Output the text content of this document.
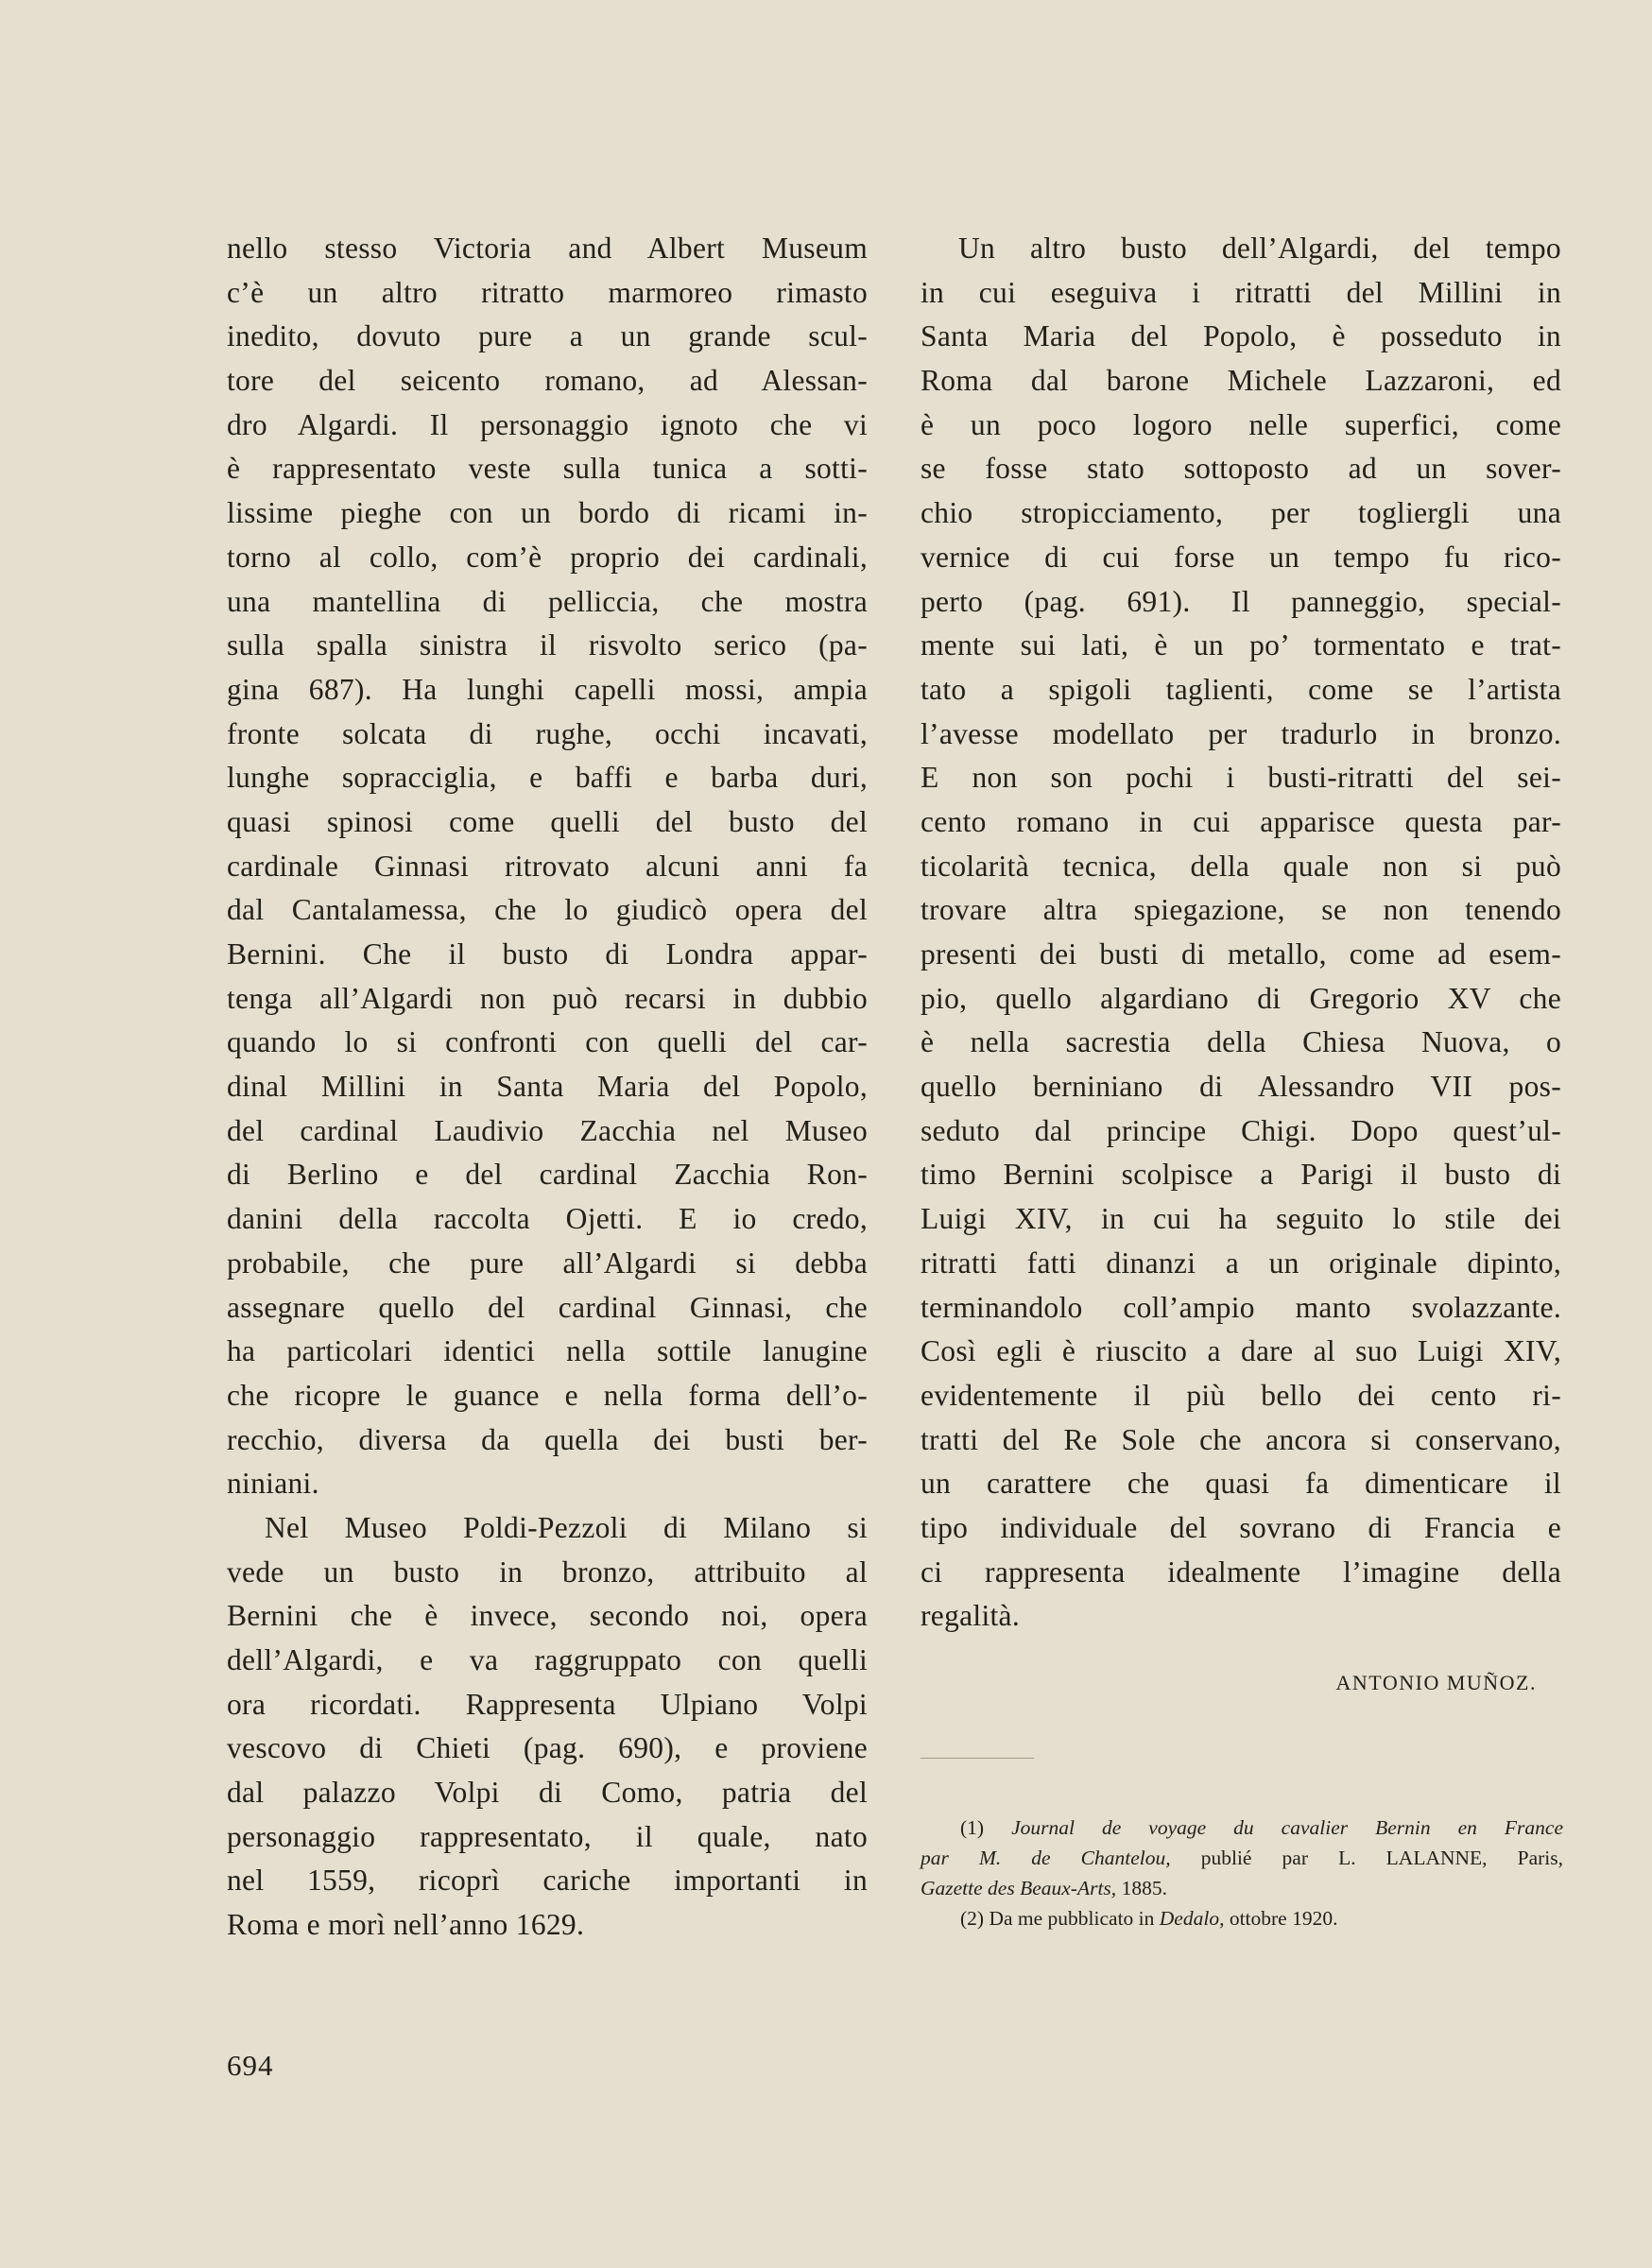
nello stesso Victoria and Albert Museum
c’è un altro ritratto marmoreo rimasto
inedito, dovuto pure a un grande scul-
tore del seicento romano, ad Alessan-
dro Algardi. Il personaggio ignoto che vi
è rappresentato veste sulla tunica a sotti-
lissime pieghe con un bordo di ricami in-
torno al collo, com’è proprio dei cardinali,
una mantellina di pelliccia, che mostra
sulla spalla sinistra il risvolto serico (pa-
gina 687). Ha lunghi capelli mossi, ampia
fronte solcata di rughe, occhi incavati,
lunghe sopracciglia, e baffi e barba duri,
quasi spinosi come quelli del busto del
cardinale Ginnasi ritrovato alcuni anni fa
dal Cantalamessa, che lo giudicò opera del
Bernini. Che il busto di Londra appar-
tenga all’Algardi non può recarsi in dubbio
quando lo si confronti con quelli del car-
dinal Millini in Santa Maria del Popolo,
del cardinal Laudivio Zacchia nel Museo
di Berlino e del cardinal Zacchia Ron-
danini della raccolta Ojetti. E io credo,
probabile, che pure all’Algardi si debba
assegnare quello del cardinal Ginnasi, che
ha particolari identici nella sottile lanugine
che ricopre le guance e nella forma dell’o-
recchio, diversa da quella dei busti ber-
niniani.
Nel Museo Poldi-Pezzoli di Milano si
vede un busto in bronzo, attribuito al
Bernini che è invece, secondo noi, opera
dell’Algardi, e va raggruppato con quelli
ora ricordati. Rappresenta Ulpiano Volpi
vescovo di Chieti (pag. 690), e proviene
dal palazzo Volpi di Como, patria del
personaggio rappresentato, il quale, nato
nel 1559, ricoprì cariche importanti in
Roma e morì nell’anno 1629.
Un altro busto dell’Algardi, del tempo
in cui eseguiva i ritratti del Millini in
Santa Maria del Popolo, è posseduto in
Roma dal barone Michele Lazzaroni, ed
è un poco logoro nelle superfici, come
se fosse stato sottoposto ad un sover-
chio stropicciamento, per togliergli una
vernice di cui forse un tempo fu rico-
perto (pag. 691). Il panneggio, special-
mente sui lati, è un po’ tormentato e trat-
tato a spigoli taglienti, come se l’artista
l’avesse modellato per tradurlo in bronzo.
E non son pochi i busti-ritratti del sei-
cento romano in cui apparisce questa par-
ticolarità tecnica, della quale non si può
trovare altra spiegazione, se non tenendo
presenti dei busti di metallo, come ad esem-
pio, quello algardiano di Gregorio XV che
è nella sacrestia della Chiesa Nuova, o
quello berniniano di Alessandro VII pos-
seduto dal principe Chigi. Dopo quest’ul-
timo Bernini scolpisce a Parigi il busto di
Luigi XIV, in cui ha seguito lo stile dei
ritratti fatti dinanzi a un originale dipinto,
terminandolo coll’ampio manto svolazzante.
Così egli è riuscito a dare al suo Luigi XIV,
evidentemente il più bello dei cento ri-
tratti del Re Sole che ancora si conservano,
un carattere che quasi fa dimenticare il
tipo individuale del sovrano di Francia e
ci rappresenta idealmente l’imagine della
regalità.
ANTONIO MUÑOZ.
(1) Journal de voyage du cavalier Bernin en France
par M. de Chantelou, publié par L. LALANNE, Paris,
Gazette des Beaux-Arts, 1885.
(2) Da me pubblicato in Dedalo, ottobre 1920.
694
